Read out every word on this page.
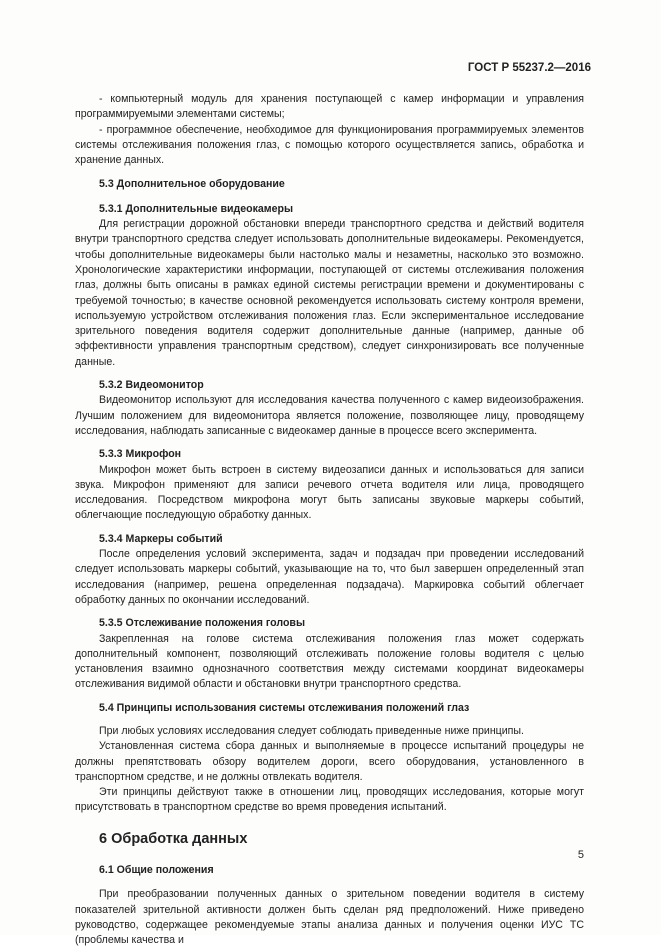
ГОСТ Р 55237.2—2016

- компьютерный модуль для хранения поступающей с камер информации и управления программируемыми элементами системы;

- программное обеспечение, необходимое для функционирования программируемых элементов системы отслеживания положения глаз, с помощью которого осуществляется запись, обработка и хранение данных.

5.3 Дополнительное оборудование

5.3.1 Дополнительные видеокамеры

Для регистрации дорожной обстановки впереди транспортного средства и действий водителя внутри транспортного средства следует использовать дополнительные видеокамеры. Рекомендуется, чтобы дополнительные видеокамеры были настолько малы и незаметны, насколько это возможно. Хронологические характеристики информации, поступающей от системы отслеживания положения глаз, должны быть описаны в рамках единой системы регистрации времени и документированы с требуемой точностью; в качестве основной рекомендуется использовать систему контроля времени, используемую устройством отслеживания положения глаз. Если экспериментальное исследование зрительного поведения водителя содержит дополнительные данные (например, данные об эффективности управления транспортным средством), следует синхронизировать все полученные данные.

5.3.2 Видеомонитор

Видеомонитор используют для исследования качества полученного с камер видеоизображения. Лучшим положением для видеомонитора является положение, позволяющее лицу, проводящему исследования, наблюдать записанные с видеокамер данные в процессе всего эксперимента.

5.3.3 Микрофон

Микрофон может быть встроен в систему видеозаписи данных и использоваться для записи звука. Микрофон применяют для записи речевого отчета водителя или лица, проводящего исследования. Посредством микрофона могут быть записаны звуковые маркеры событий, облегчающие последующую обработку данных.

5.3.4 Маркеры событий

После определения условий эксперимента, задач и подзадач при проведении исследований следует использовать маркеры событий, указывающие на то, что был завершен определенный этап исследования (например, решена определенная подзадача). Маркировка событий облегчает обработку данных по окончании исследований.

5.3.5 Отслеживание положения головы

Закрепленная на голове система отслеживания положения глаз может содержать дополнительный компонент, позволяющий отслеживать положение головы водителя с целью установления взаимно однозначного соответствия между системами координат видеокамеры отслеживания видимой области и обстановки внутри транспортного средства.

5.4 Принципы использования системы отслеживания положений глаз

При любых условиях исследования следует соблюдать приведенные ниже принципы.

Установленная система сбора данных и выполняемые в процессе испытаний процедуры не должны препятствовать обзору водителем дороги, всего оборудования, установленного в транспортном средстве, и не должны отвлекать водителя.

Эти принципы действуют также в отношении лиц, проводящих исследования, которые могут присутствовать в транспортном средстве во время проведения испытаний.

6 Обработка данных

6.1 Общие положения

При преобразовании полученных данных о зрительном поведении водителя в систему показателей зрительной активности должен быть сделан ряд предположений. Ниже приведено руководство, содержащее рекомендуемые этапы анализа данных и получения оценки ИУС ТС (проблемы качества и

5
